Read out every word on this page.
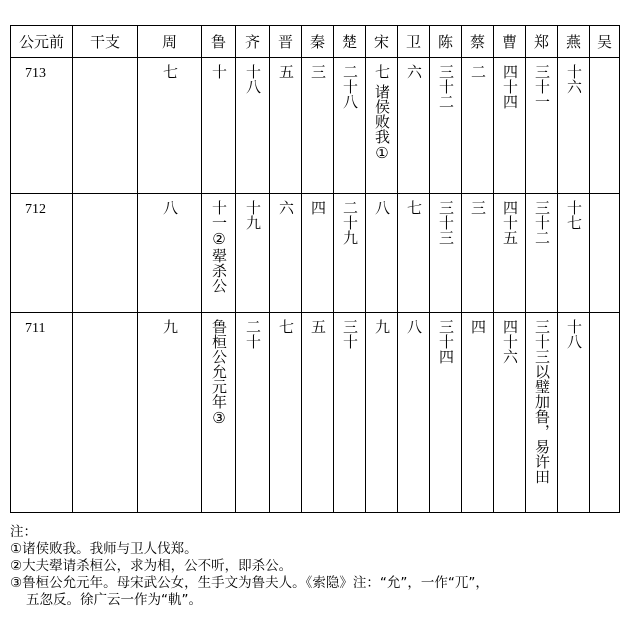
公元前	干支	周	鲁	齐	晋	秦	楚	宋	卫	陈	蔡	曹	郑	燕	吴
713		七	十	十八	五	三	二十八	七 诸侯败我①	六	三十二	二	四十四	三十一	十六	
712		八	十一②翚杀公	十九	六	四	二十九	八	七	三十三	三	四十五	三十二	十七	
711		九	鲁桓公允元年③	二十	七	五	三十	九	八	三十四	四	四十六	三十三以璧加鲁，易许田	十八	
注：
①诸侯败我。我师与卫人伐郑。
②大夫翚请杀桓公，求为相，公不听，即杀公。
③鲁桓公允元年。母宋武公女，生手文为鲁夫人。《索隐》注：“允”，一作“兀”，
五忽反。徐广云一作为“軌”。
